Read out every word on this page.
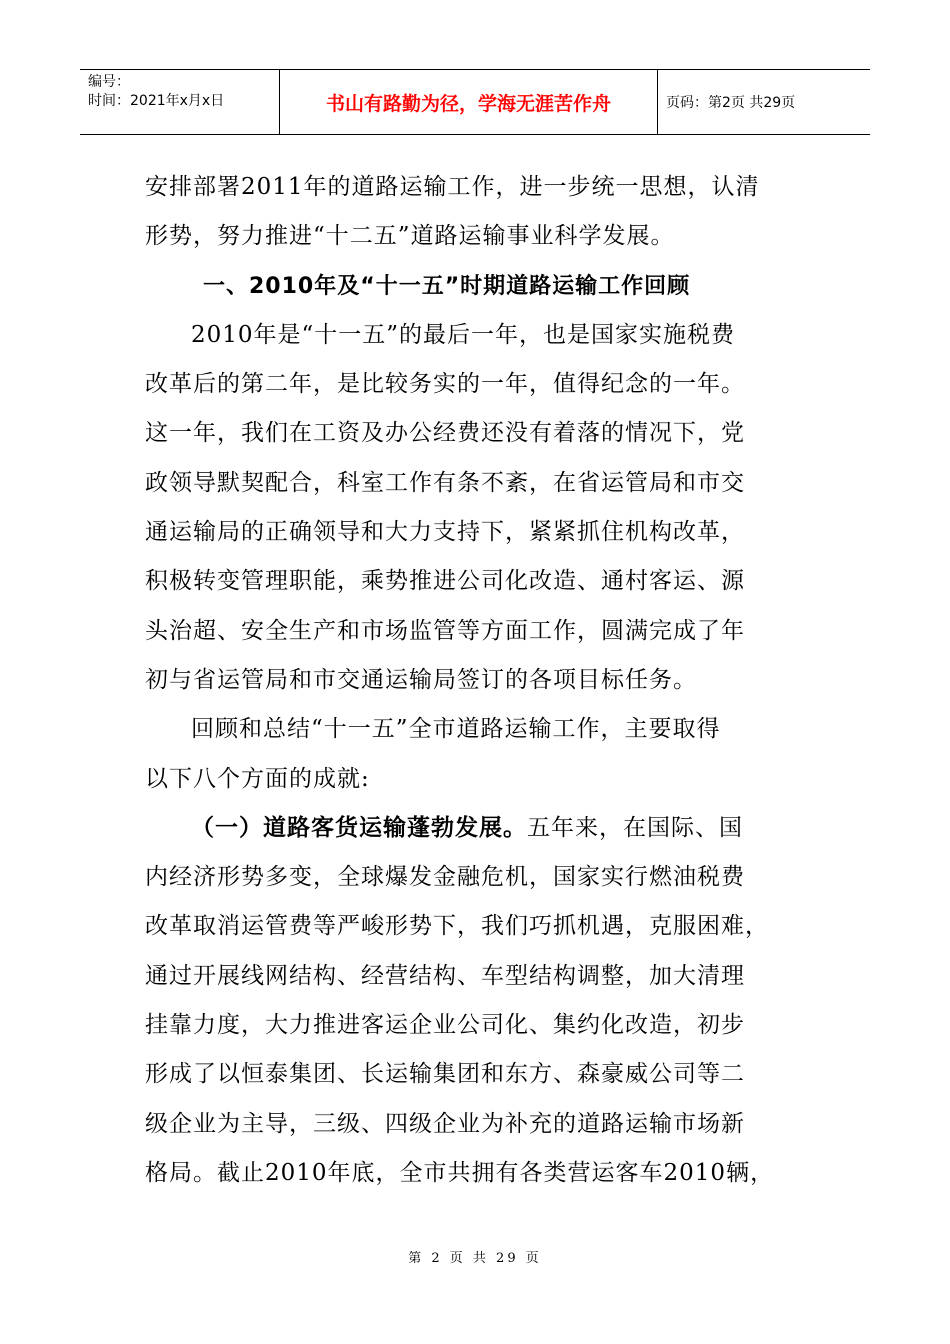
编号：
时间：2021年x月x日	书山有路勤为径，学海无涯苦作舟	页码：第2页 共29页
安排部署2011年的道路运输工作，进一步统一思想，认清
形势，努力推进“十二五”道路运输事业科学发展。
一、2010年及“十一五”时期道路运输工作回顾
2010年是“十一五”的最后一年，也是国家实施税费
改革后的第二年，是比较务实的一年，值得纪念的一年。
这一年，我们在工资及办公经费还没有着落的情况下，党
政领导默契配合，科室工作有条不紊，在省运管局和市交
通运输局的正确领导和大力支持下，紧紧抓住机构改革，
积极转变管理职能，乘势推进公司化改造、通村客运、源
头治超、安全生产和市场监管等方面工作，圆满完成了年
初与省运管局和市交通运输局签订的各项目标任务。
回顾和总结“十一五”全市道路运输工作，主要取得
以下八个方面的成就:
（一）道路客货运输蓬勃发展。五年来，在国际、国
内经济形势多变，全球爆发金融危机，国家实行燃油税费
改革取消运管费等严峻形势下，我们巧抓机遇，克服困难，
通过开展线网结构、经营结构、车型结构调整，加大清理
挂靠力度，大力推进客运企业公司化、集约化改造，初步
形成了以恒泰集团、长运输集团和东方、森豪威公司等二
级企业为主导，三级、四级企业为补充的道路运输市场新
格局。截止2010年底，全市共拥有各类营运客车2010辆，
第 2 页 共 29 页
